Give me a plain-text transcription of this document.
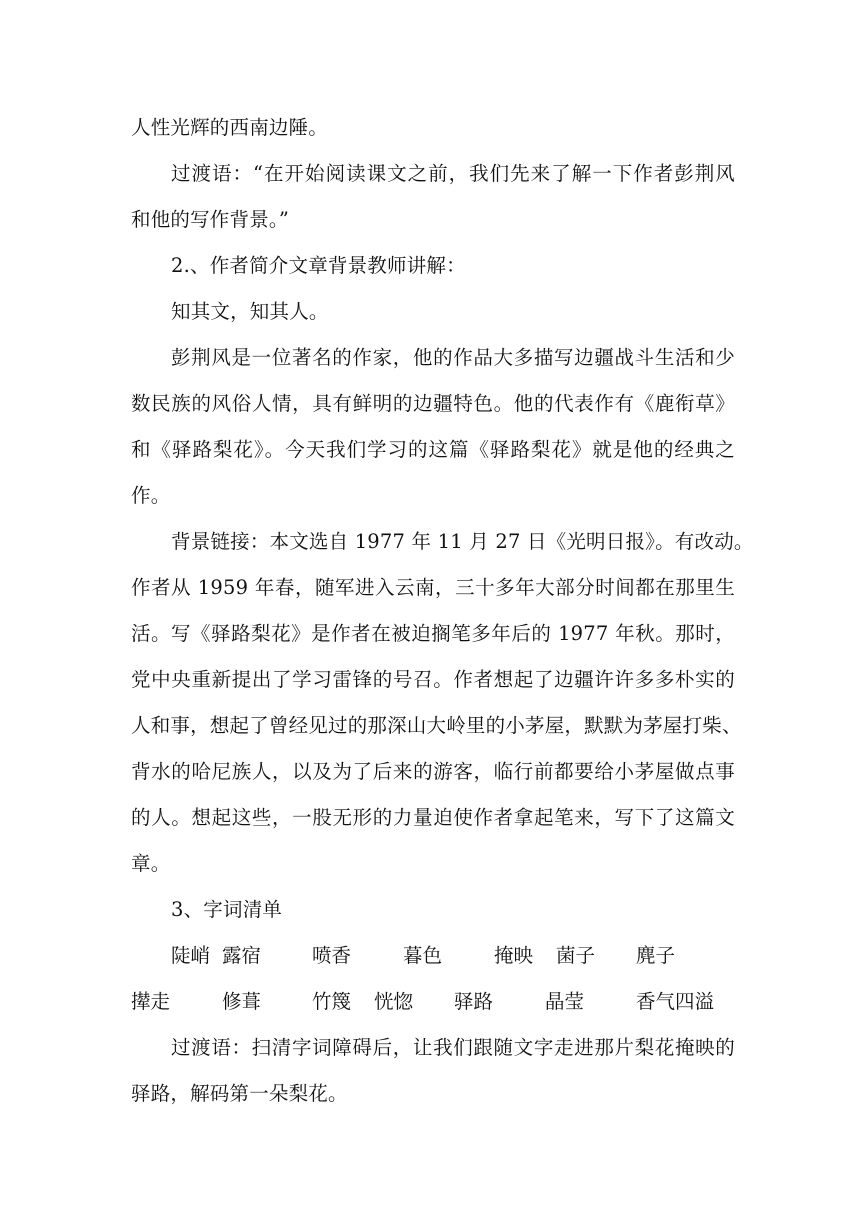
人性光辉的西南边陲。
过渡语：“在开始阅读课文之前，我们先来了解一下作者彭荆风
和他的写作背景。”
2.、作者简介文章背景教师讲解：
知其文，知其人。
彭荆风是一位著名的作家，他的作品大多描写边疆战斗生活和少
数民族的风俗人情，具有鲜明的边疆特色。他的代表作有《鹿衔草》
和《驿路梨花》。今天我们学习的这篇《驿路梨花》就是他的经典之
作。
背景链接：本文选自 1977 年 11 月 27 日《光明日报》。有改动。
作者从 1959 年春，随军进入云南，三十多年大部分时间都在那里生
活。写《驿路梨花》是作者在被迫搁笔多年后的 1977 年秋。那时，
党中央重新提出了学习雷锋的号召。作者想起了边疆许许多多朴实的
人和事，想起了曾经见过的那深山大岭里的小茅屋，默默为茅屋打柴、
背水的哈尼族人，以及为了后来的游客，临行前都要给小茅屋做点事
的人。想起这些，一股无形的力量迫使作者拿起笔来，写下了这篇文
章。
3、字词清单
陡峭 露宿	喷香	暮色	掩映 菌子 麂子
撵走	修葺	竹篾 恍惚 驿路	晶莹	香气四溢
过渡语：扫清字词障碍后，让我们跟随文字走进那片梨花掩映的
驿路，解码第一朵梨花。
